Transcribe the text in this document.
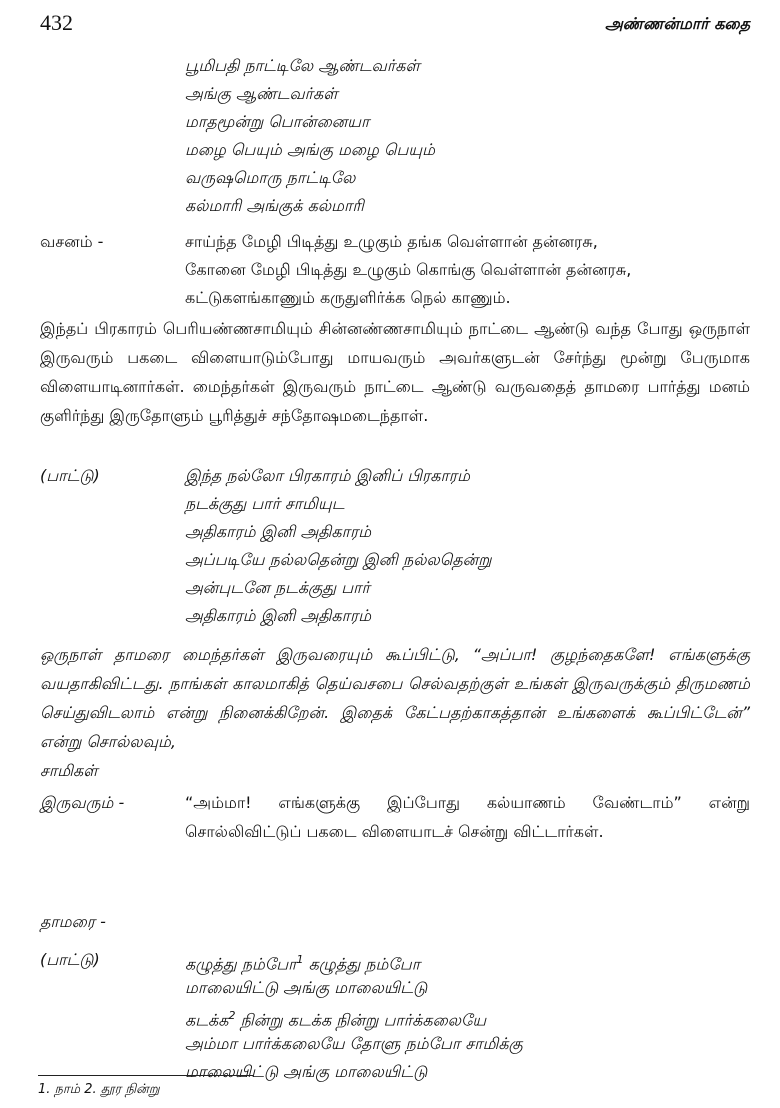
432	அண்ணன்மார் கதை
பூமிபதி நாட்டிலே ஆண்டவர்கள்
அங்கு ஆண்டவர்கள்
மாதமூன்று பொன்னையா
மழை பெயும் அங்கு மழை பெயும்
வருஷமொரு நாட்டிலே
கல்மாரி அங்குக் கல்மாரி
வசனம் -	சாய்ந்த மேழி பிடித்து உழுகும் தங்க வெள்ளான் தன்னரசு,
கோனை மேழி பிடித்து உழுகும் கொங்கு வெள்ளான் தன்னரசு,
கட்டுகளங்காணும் கருதுளிர்க்க நெல் காணும்.
இந்தப் பிரகாரம் பெரியண்ணசாமியும் சின்னண்ணசாமியும் நாட்டை ஆண்டு வந்த போது ஒருநாள் இருவரும் பகடை விளையாடும்போது மாயவரும் அவர்களுடன் சேர்ந்து மூன்று பேருமாக விளையாடினார்கள். மைந்தர்கள் இருவரும் நாட்டை ஆண்டு வருவதைத் தாமரை பார்த்து மனம் குளிர்ந்து இருதோளும் பூரித்துச் சந்தோஷமடைந்தாள்.
(பாட்டு)	இந்த நல்லோ பிரகாரம் இனிப் பிரகாரம்
நடக்குது பார் சாமியுட
அதிகாரம் இனி அதிகாரம்
அப்படியே நல்லதென்று இனி நல்லதென்று
அன்புடனே நடக்குது பார்
அதிகாரம் இனி அதிகாரம்
ஒருநாள் தாமரை மைந்தர்கள் இருவரையும் கூப்பிட்டு, “அப்பா! குழந்தைகளே! எங்களுக்கு வயதாகிவிட்டது. நாங்கள் காலமாகித் தெய்வசபை செல்வதற்குள் உங்கள் இருவருக்கும் திருமணம் செய்துவிடலாம் என்று நினைக்கிறேன். இதைக் கேட்பதற்காகத்தான் உங்களைக் கூப்பிட்டேன்” என்று சொல்லவும்,
சாமிகள்
இருவரும் -	“அம்மா! எங்களுக்கு இப்போது கல்யாணம் வேண்டாம்” என்று சொல்லிவிட்டுப் பகடை விளையாடச் சென்று விட்டார்கள்.
தாமரை -
(பாட்டு)	கழுத்து நம்போ$^1$ கழுத்து நம்போ
மாலையிட்டு அங்கு மாலையிட்டு
கடக்க$^2$ நின்று கடக்க நின்று பார்க்கலையே
அம்மா பார்க்கலையே தோளு நம்போ சாமிக்கு
மாலையிட்டு அங்கு மாலையிட்டு
1. நாம் 2. தூர நின்று
